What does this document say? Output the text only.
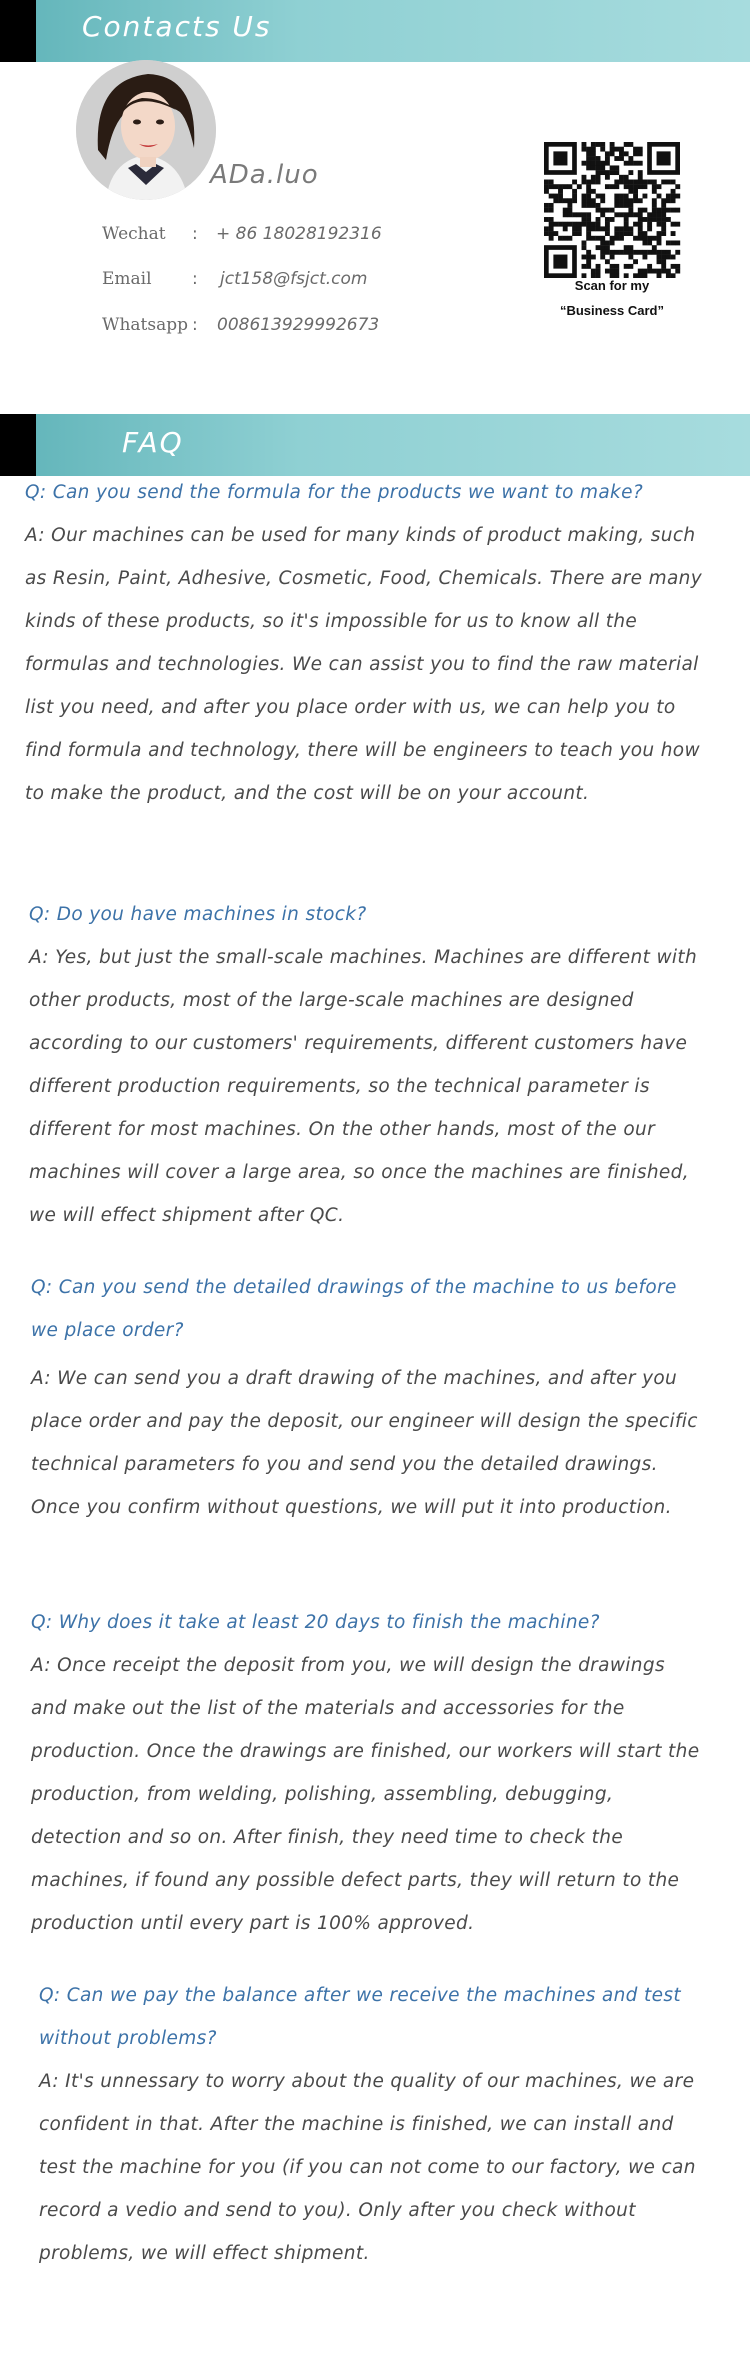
Contacts Us
ADa.luo
Wechat	: + 86 18028192316
Email	: jct158@fsjct.com
Whatsapp : 008613929992673
Scan for my
“Business Card”
FAQ

Q: Can you send the formula for the products we want to make?

A: Our machines can be used for many kinds of product making, such as Resin, Paint, Adhesive, Cosmetic, Food, Chemicals. There are many kinds of these products, so it's impossible for us to know all the formulas and technologies. We can assist you to find the raw material list you need, and after you place order with us, we can help you to find formula and technology, there will be engineers to teach you how to make the product, and the cost will be on your account.

Q: Do you have machines in stock?

A: Yes, but just the small-scale machines. Machines are different with other products, most of the large-scale machines are designed according to our customers' requirements, different customers have different production requirements, so the technical parameter is different for most machines. On the other hands, most of the our machines will cover a large area, so once the machines are finished, we will effect shipment after QC.

Q: Can you send the detailed drawings of the machine to us before we place order?

A: We can send you a draft drawing of the machines, and after you place order and pay the deposit, our engineer will design the specific technical parameters fo you and send you the detailed drawings. Once you confirm without questions, we will put it into production.

Q: Why does it take at least 20 days to finish the machine?

A: Once receipt the deposit from you, we will design the drawings and make out the list of the materials and accessories for the production. Once the drawings are finished, our workers will start the production, from welding, polishing, assembling, debugging, detection and so on. After finish, they need time to check the machines, if found any possible defect parts, they will return to the production until every part is 100% approved.

Q: Can we pay the balance after we receive the machines and test without problems?

A: It's unnessary to worry about the quality of our machines, we are confident in that. After the machine is finished, we can install and test the machine for you (if you can not come to our factory, we can record a vedio and send to you). Only after you check without problems, we will effect shipment.
